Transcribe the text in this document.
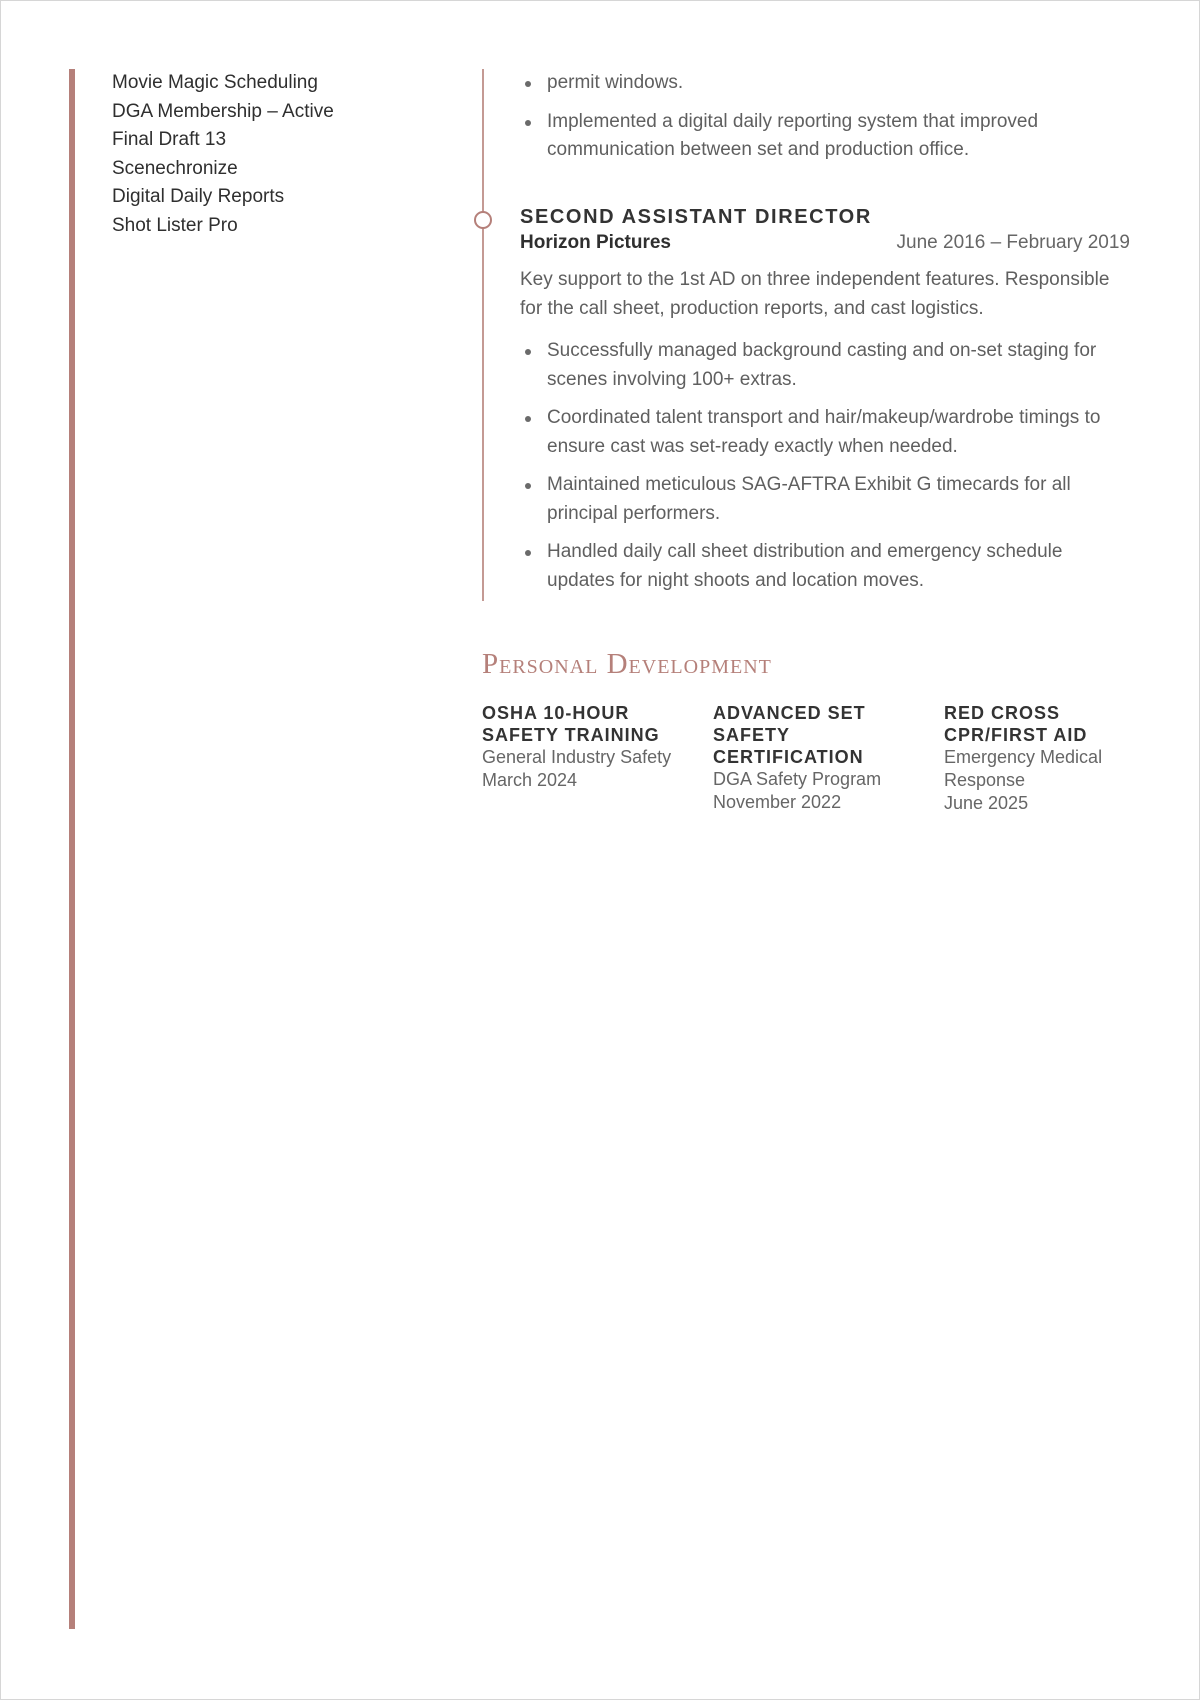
Movie Magic Scheduling
DGA Membership – Active
Final Draft 13
Scenechronize
Digital Daily Reports
Shot Lister Pro
permit windows.
Implemented a digital daily reporting system that improved communication between set and production office.
SECOND ASSISTANT DIRECTOR
Horizon Pictures	June 2016 – February 2019

Key support to the 1st AD on three independent features. Responsible for the call sheet, production reports, and cast logistics.

Successfully managed background casting and on-set staging for scenes involving 100+ extras.
Coordinated talent transport and hair/makeup/wardrobe timings to ensure cast was set-ready exactly when needed.
Maintained meticulous SAG-AFTRA Exhibit G timecards for all principal performers.
Handled daily call sheet distribution and emergency schedule updates for night shoots and location moves.
Personal Development
OSHA 10-HOUR SAFETY TRAINING
General Industry Safety
March 2024
ADVANCED SET SAFETY CERTIFICATION
DGA Safety Program
November 2022
RED CROSS CPR/FIRST AID
Emergency Medical Response
June 2025
